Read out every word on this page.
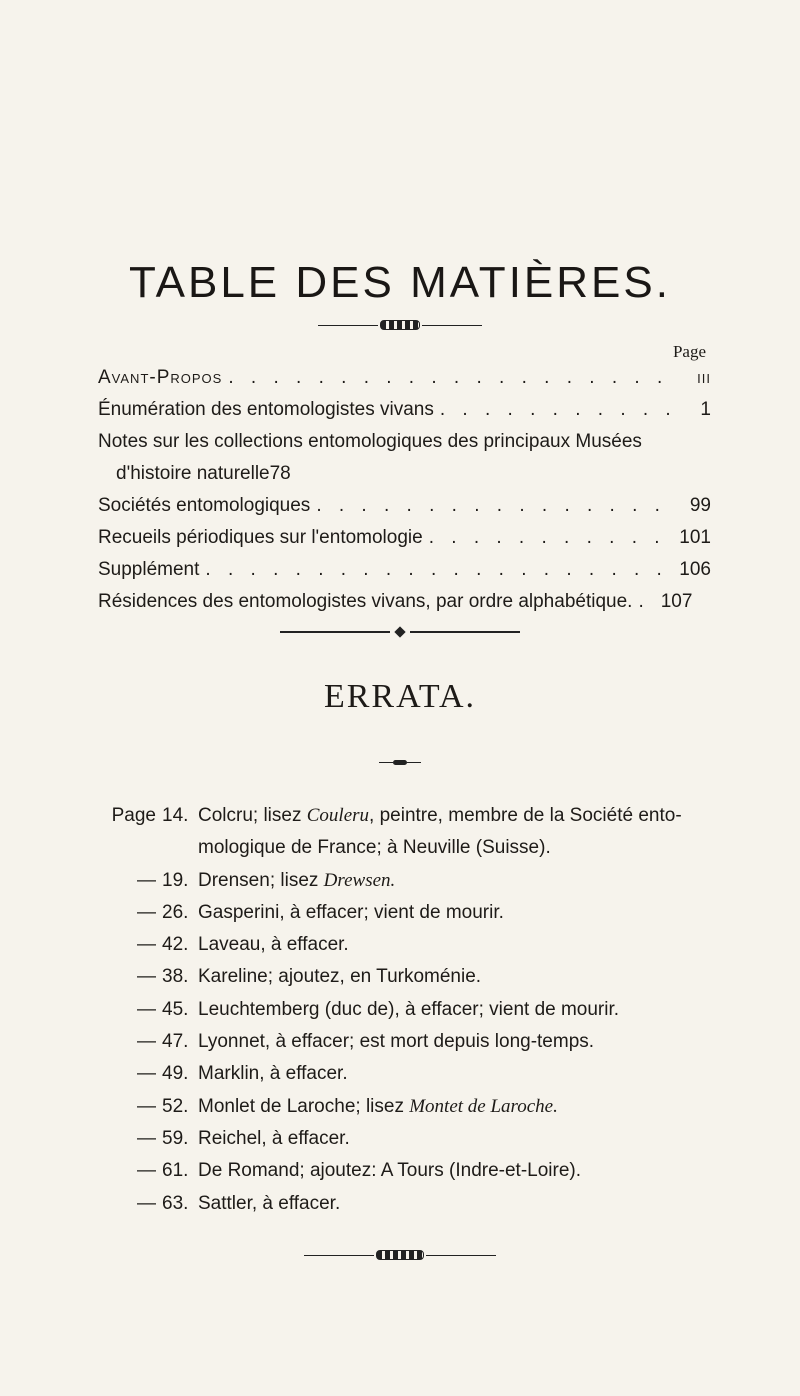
TABLE DES MATIÈRES.
Page
Avant-Propos . . .	iii
Énumération des entomologistes vivans . . .	1
Notes sur les collections entomologiques des principaux Musées
d'histoire naturelle 78
Sociétés entomologiques . . .	99
Recueils périodiques sur l'entomologie . . .	101
Supplément . . .	106
Résidences des entomologistes vivans, par ordre alphabétique. . . . 107
ERRATA.
Page 14. Colcru; lisez Couleru, peintre, membre de la Société ento-
mologique de France; à Neuville (Suisse).
— 19. Drensen; lisez Drewsen.
— 26. Gasperini, à effacer; vient de mourir.
— 42. Laveau, à effacer.
— 38. Kareline; ajoutez, en Turkoménie.
— 45. Leuchtemberg (duc de), à effacer; vient de mourir.
— 47. Lyonnet, à effacer; est mort depuis long-temps.
— 49. Marklin, à effacer.
— 52. Monlet de Laroche; lisez Montet de Laroche.
— 59. Reichel, à effacer.
— 61. De Romand; ajoutez: A Tours (Indre-et-Loire).
— 63. Sattler, à effacer.
